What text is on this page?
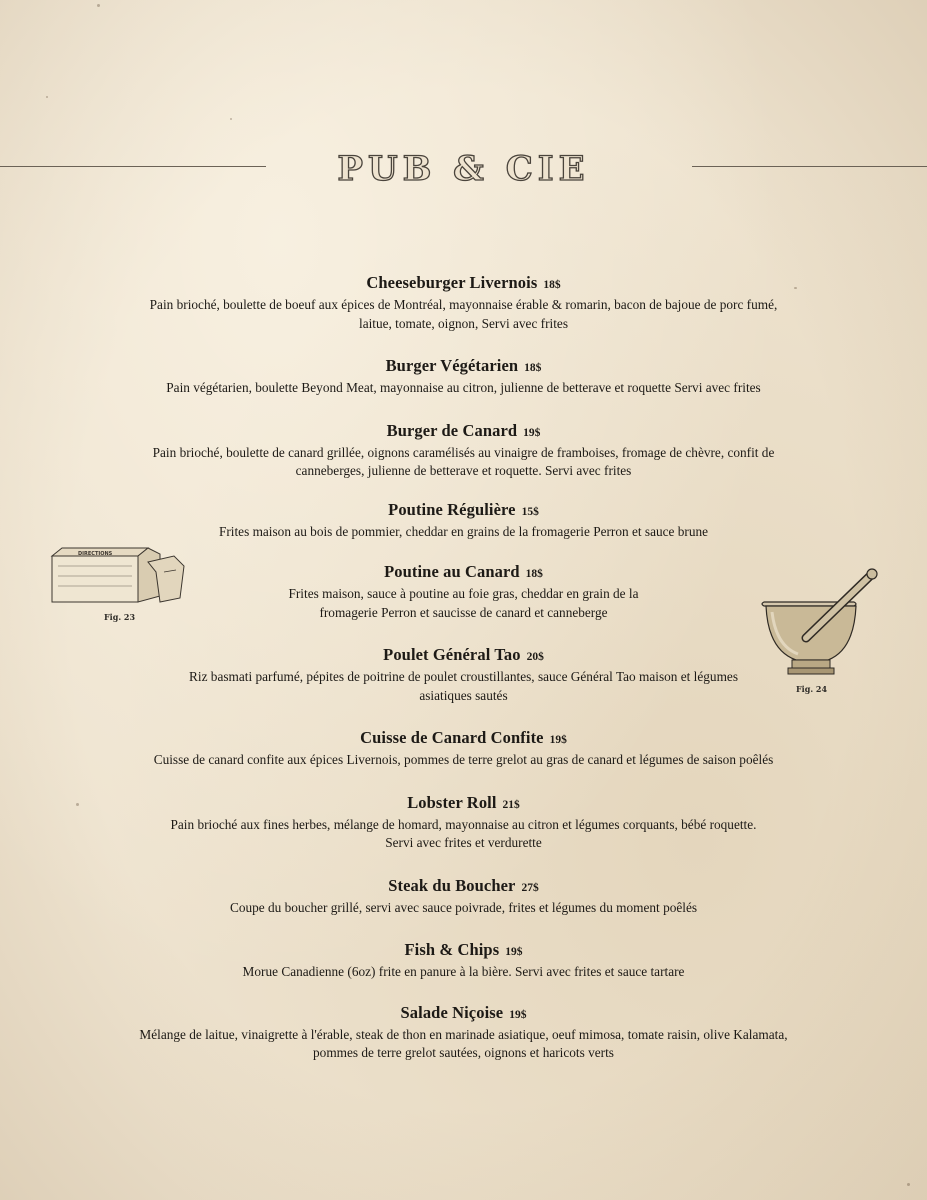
PUB & CIE
Cheeseburger Livernois 18$
Pain brioché, boulette de boeuf aux épices de Montréal, mayonnaise érable & romarin, bacon de bajoue de porc fumé, laitue, tomate, oignon, Servi avec frites
Burger Végétarien 18$
Pain végétarien, boulette Beyond Meat, mayonnaise au citron, julienne de betterave et roquette Servi avec frites
Burger de Canard 19$
Pain brioché, boulette de canard grillée, oignons caramélisés au vinaigre de framboises, fromage de chèvre, confit de canneberges, julienne de betterave et roquette. Servi avec frites
Poutine Régulière 15$
Frites maison au bois de pommier, cheddar en grains de la fromagerie Perron et sauce brune
Poutine au Canard 18$
Frites maison, sauce à poutine au foie gras, cheddar en grain de la fromagerie Perron et saucisse de canard et canneberge
Poulet Général Tao 20$
Riz basmati parfumé, pépites de poitrine de poulet croustillantes, sauce Général Tao maison et légumes asiatiques sautés
Cuisse de Canard Confite 19$
Cuisse de canard confite aux épices Livernois, pommes de terre grelot au gras de canard et légumes de saison poêlés
Lobster Roll 21$
Pain brioché aux fines herbes, mélange de homard, mayonnaise au citron et légumes corquants, bébé roquette. Servi avec frites et verdurette
Steak du Boucher 27$
Coupe du boucher grillé, servi avec sauce poivrade, frites et légumes du moment poêlés
Fish & Chips 19$
Morue Canadienne (6oz) frite en panure à la bière. Servi avec frites et sauce tartare
Salade Niçoise 19$
Mélange de laitue, vinaigrette à l'érable, steak de thon en marinade asiatique, oeuf mimosa, tomate raisin, olive Kalamata, pommes de terre grelot sautées, oignons et haricots verts
DIRECTIONS
Fig. 23
Fig. 24
